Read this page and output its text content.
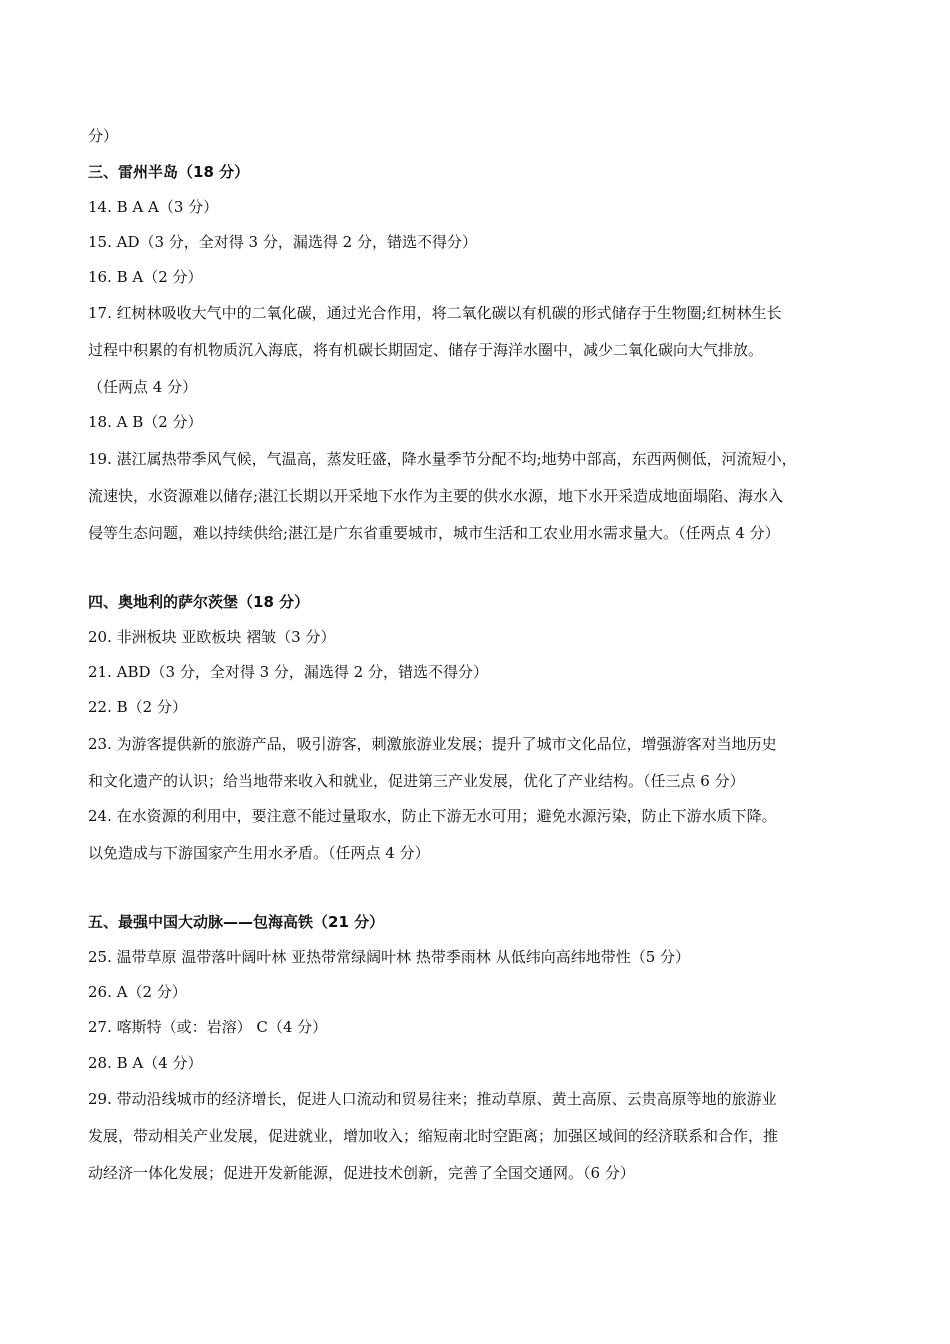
分）
三、雷州半岛（18 分）
14. B A A（3 分）
15. AD（3 分，全对得 3 分，漏选得 2 分，错选不得分）
16. B A（2 分）
17. 红树林吸收大气中的二氧化碳，通过光合作用，将二氧化碳以有机碳的形式储存于生物圈;红树林生长
过程中积累的有机物质沉入海底，将有机碳长期固定、储存于海洋水圈中，减少二氧化碳向大气排放。
（任两点 4 分）
18. A B（2 分）
19. 湛江属热带季风气候，气温高，蒸发旺盛，降水量季节分配不均;地势中部高，东西两侧低，河流短小，
流速快，水资源难以储存;湛江长期以开采地下水作为主要的供水水源，地下水开采造成地面塌陷、海水入
侵等生态问题，难以持续供给;湛江是广东省重要城市，城市生活和工农业用水需求量大。（任两点 4 分）
四、奥地利的萨尔茨堡（18 分）
20. 非洲板块 亚欧板块 褶皱（3 分）
21. ABD（3 分，全对得 3 分，漏选得 2 分，错选不得分）
22. B（2 分）
23. 为游客提供新的旅游产品，吸引游客，刺激旅游业发展；提升了城市文化品位，增强游客对当地历史
和文化遗产的认识；给当地带来收入和就业，促进第三产业发展，优化了产业结构。（任三点 6 分）
24. 在水资源的利用中，要注意不能过量取水，防止下游无水可用；避免水源污染，防止下游水质下降。
以免造成与下游国家产生用水矛盾。（任两点 4 分）
五、最强中国大动脉——包海高铁（21 分）
25. 温带草原 温带落叶阔叶林 亚热带常绿阔叶林 热带季雨林 从低纬向高纬地带性（5 分）
26. A（2 分）
27. 喀斯特（或：岩溶） C（4 分）
28. B A（4 分）
29. 带动沿线城市的经济增长，促进人口流动和贸易往来；推动草原、黄土高原、云贵高原等地的旅游业
发展，带动相关产业发展，促进就业，增加收入；缩短南北时空距离；加强区域间的经济联系和合作，推
动经济一体化发展；促进开发新能源，促进技术创新，完善了全国交通网。（6 分）
